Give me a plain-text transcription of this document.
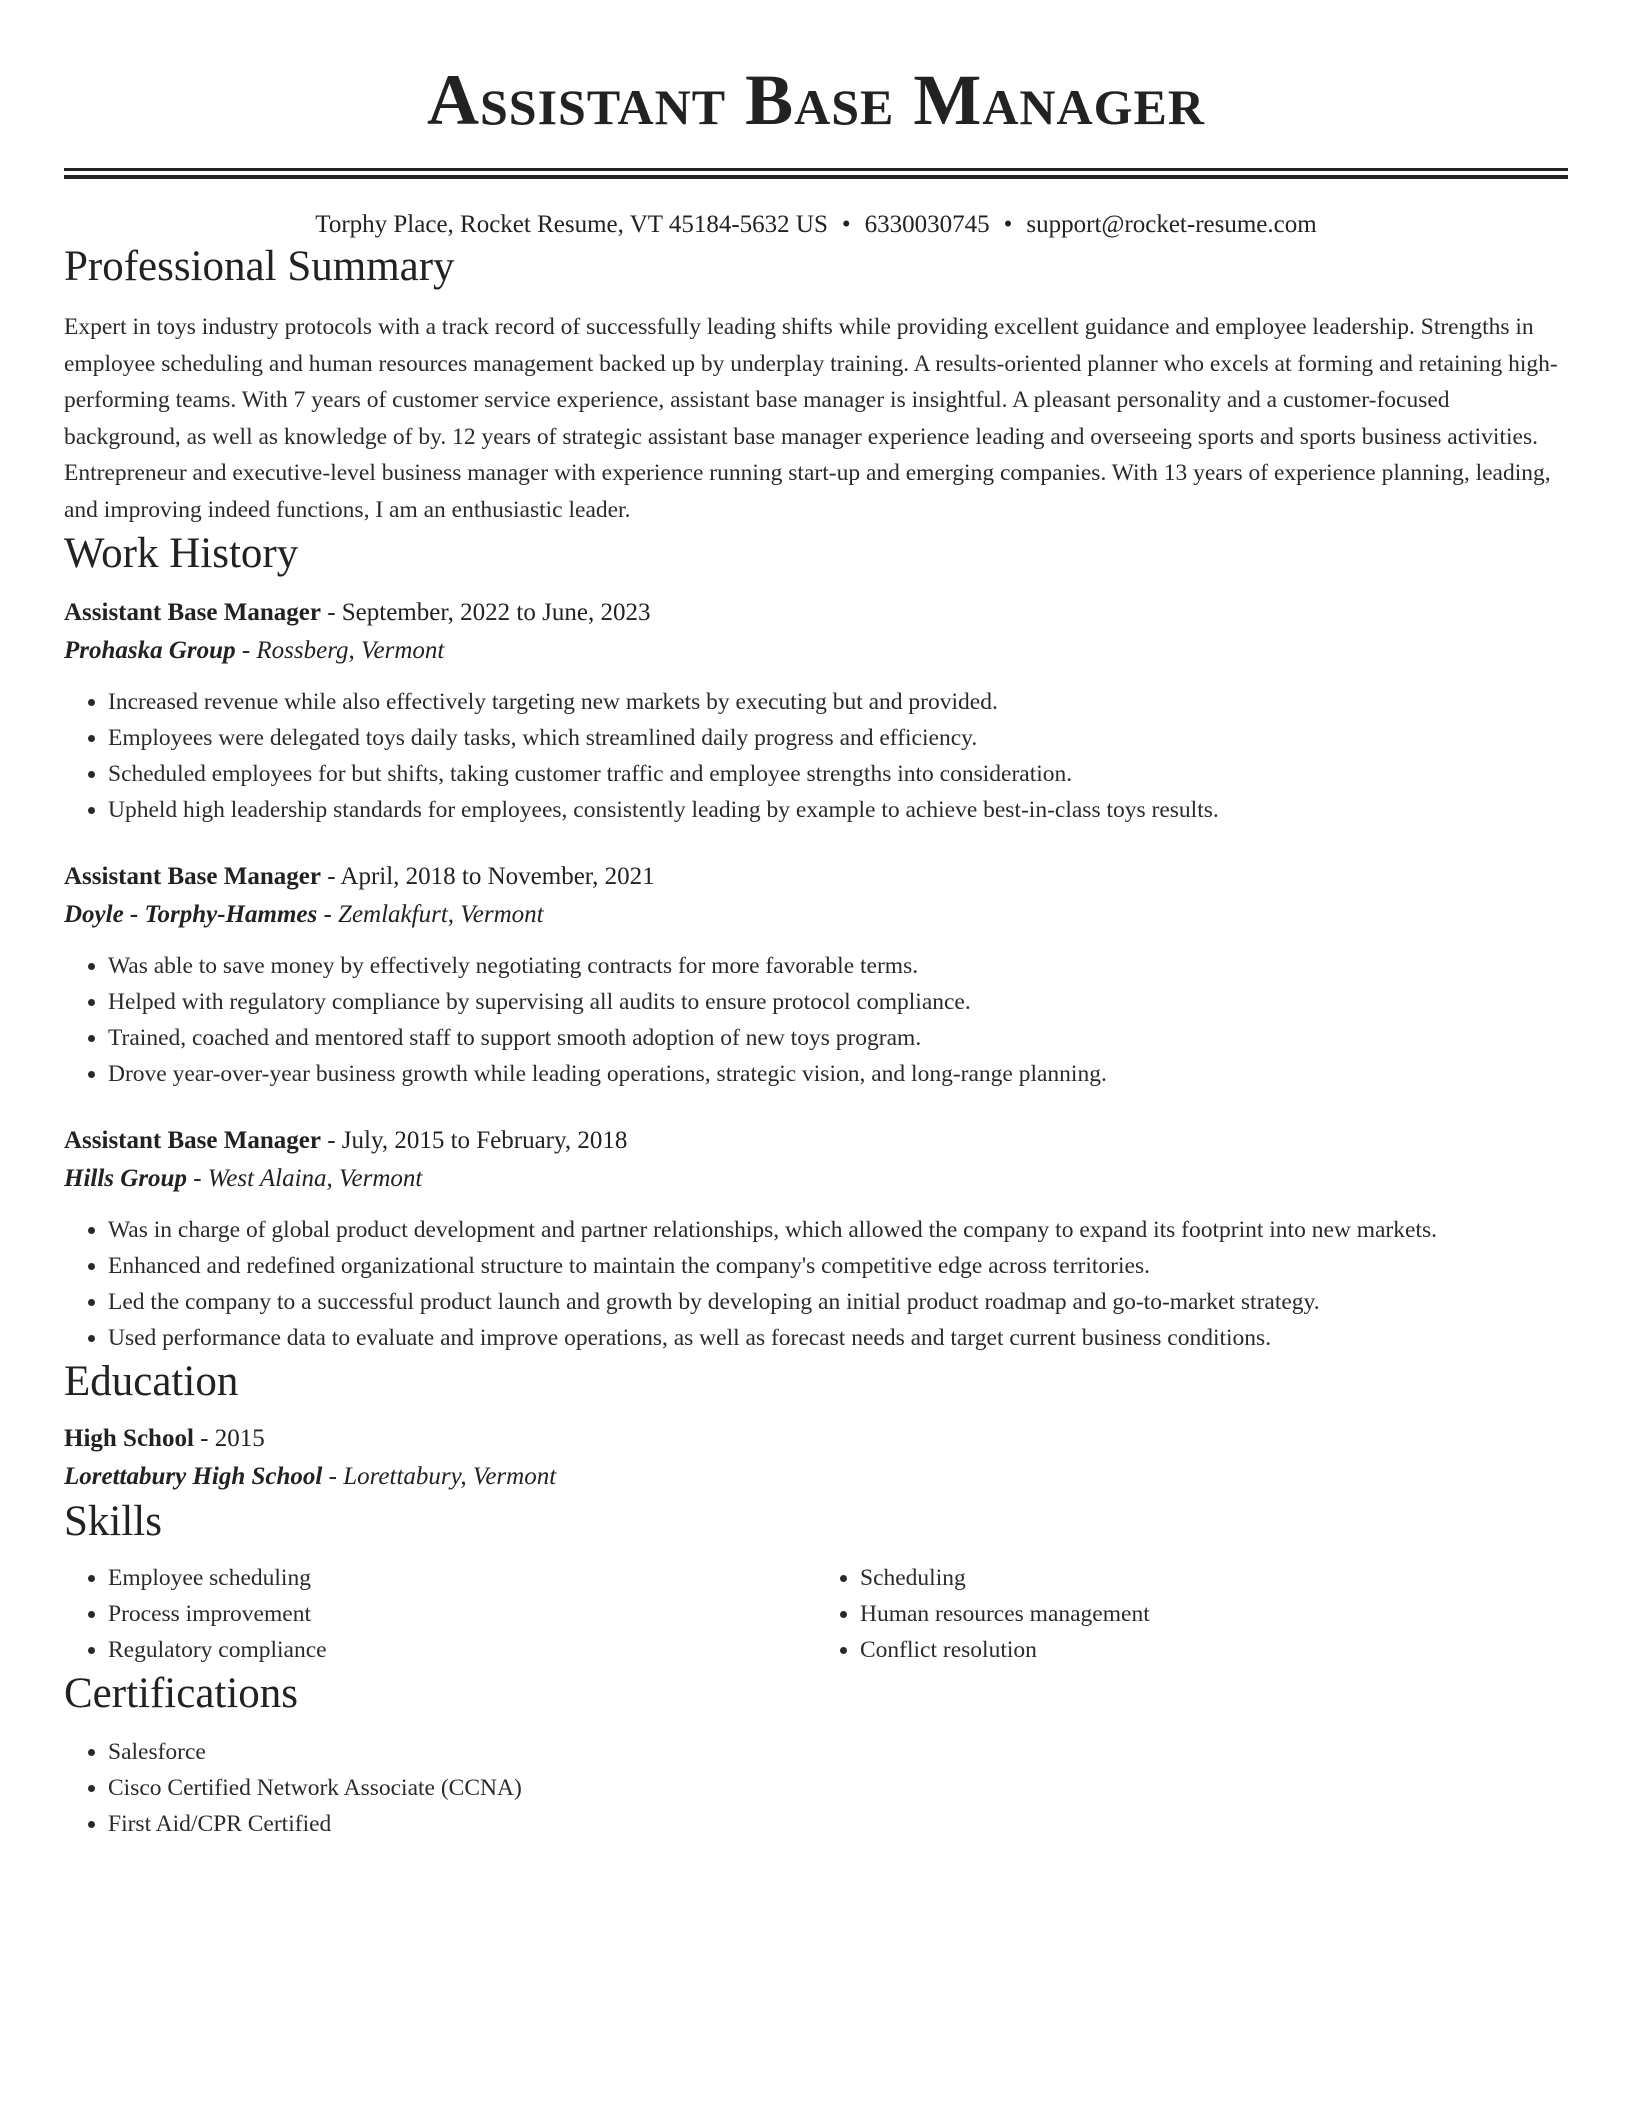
Assistant Base Manager
Torphy Place, Rocket Resume, VT 45184-5632 US • 6330030745 • support@rocket-resume.com
Professional Summary
Expert in toys industry protocols with a track record of successfully leading shifts while providing excellent guidance and employee leadership. Strengths in employee scheduling and human resources management backed up by underplay training. A results-oriented planner who excels at forming and retaining high-performing teams. With 7 years of customer service experience, assistant base manager is insightful. A pleasant personality and a customer-focused background, as well as knowledge of by. 12 years of strategic assistant base manager experience leading and overseeing sports and sports business activities. Entrepreneur and executive-level business manager with experience running start-up and emerging companies. With 13 years of experience planning, leading, and improving indeed functions, I am an enthusiastic leader.
Work History
Assistant Base Manager - September, 2022 to June, 2023
Prohaska Group - Rossberg, Vermont
• Increased revenue while also effectively targeting new markets by executing but and provided.
• Employees were delegated toys daily tasks, which streamlined daily progress and efficiency.
• Scheduled employees for but shifts, taking customer traffic and employee strengths into consideration.
• Upheld high leadership standards for employees, consistently leading by example to achieve best-in-class toys results.
Assistant Base Manager - April, 2018 to November, 2021
Doyle - Torphy-Hammes - Zemlakfurt, Vermont
• Was able to save money by effectively negotiating contracts for more favorable terms.
• Helped with regulatory compliance by supervising all audits to ensure protocol compliance.
• Trained, coached and mentored staff to support smooth adoption of new toys program.
• Drove year-over-year business growth while leading operations, strategic vision, and long-range planning.
Assistant Base Manager - July, 2015 to February, 2018
Hills Group - West Alaina, Vermont
• Was in charge of global product development and partner relationships, which allowed the company to expand its footprint into new markets.
• Enhanced and redefined organizational structure to maintain the company's competitive edge across territories.
• Led the company to a successful product launch and growth by developing an initial product roadmap and go-to-market strategy.
• Used performance data to evaluate and improve operations, as well as forecast needs and target current business conditions.
Education
High School - 2015
Lorettabury High School - Lorettabury, Vermont
Skills
• Employee scheduling
• Process improvement
• Regulatory compliance
• Scheduling
• Human resources management
• Conflict resolution
Certifications
• Salesforce
• Cisco Certified Network Associate (CCNA)
• First Aid/CPR Certified
